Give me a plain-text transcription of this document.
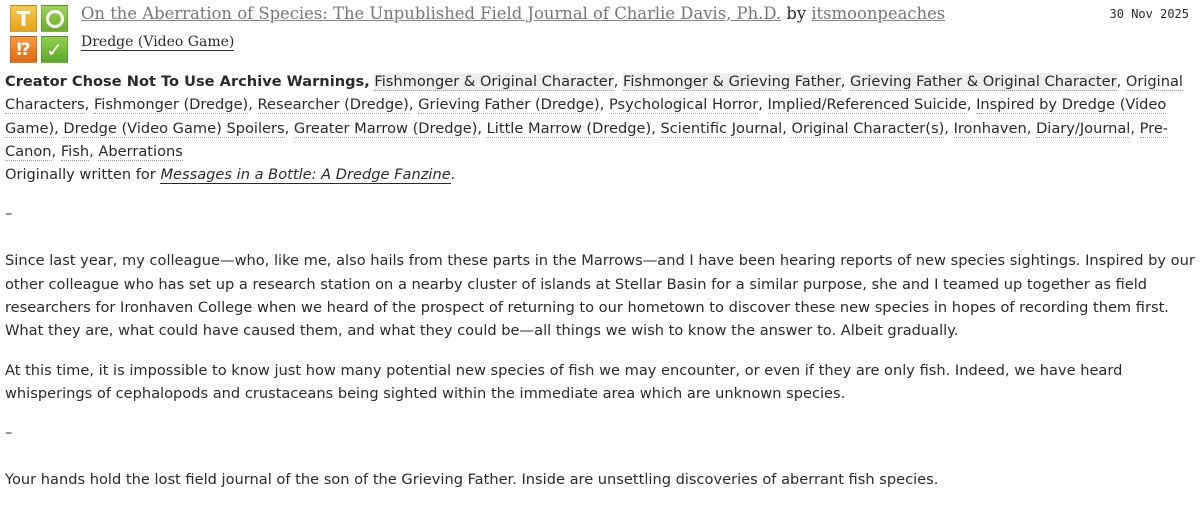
T
⁉ ✓
On the Aberration of Species: The Unpublished Field Journal of Charlie Davis, Ph.D. by itsmoonpeaches
Dredge (Video Game)
30 Nov 2025
Creator Chose Not To Use Archive Warnings, Fishmonger & Original Character, Fishmonger & Grieving Father, Grieving Father & Original Character, Original Characters, Fishmonger (Dredge), Researcher (Dredge), Grieving Father (Dredge), Psychological Horror, Implied/Referenced Suicide, Inspired by Dredge (Video Game), Dredge (Video Game) Spoilers, Greater Marrow (Dredge), Little Marrow (Dredge), Scientific Journal, Original Character(s), Ironhaven, Diary/Journal, Pre-Canon, Fish, Aberrations

Originally written for Messages in a Bottle: A Dredge Fanzine.

–

Since last year, my colleague—who, like me, also hails from these parts in the Marrows—and I have been hearing reports of new species sightings. Inspired by our other colleague who has set up a research station on a nearby cluster of islands at Stellar Basin for a similar purpose, she and I teamed up together as field researchers for Ironhaven College when we heard of the prospect of returning to our hometown to discover these new species in hopes of recording them first. What they are, what could have caused them, and what they could be—all things we wish to know the answer to. Albeit gradually.

At this time, it is impossible to know just how many potential new species of fish we may encounter, or even if they are only fish. Indeed, we have heard whisperings of cephalopods and crustaceans being sighted within the immediate area which are unknown species.

–

Your hands hold the lost field journal of the son of the Grieving Father. Inside are unsettling discoveries of aberrant fish species.
